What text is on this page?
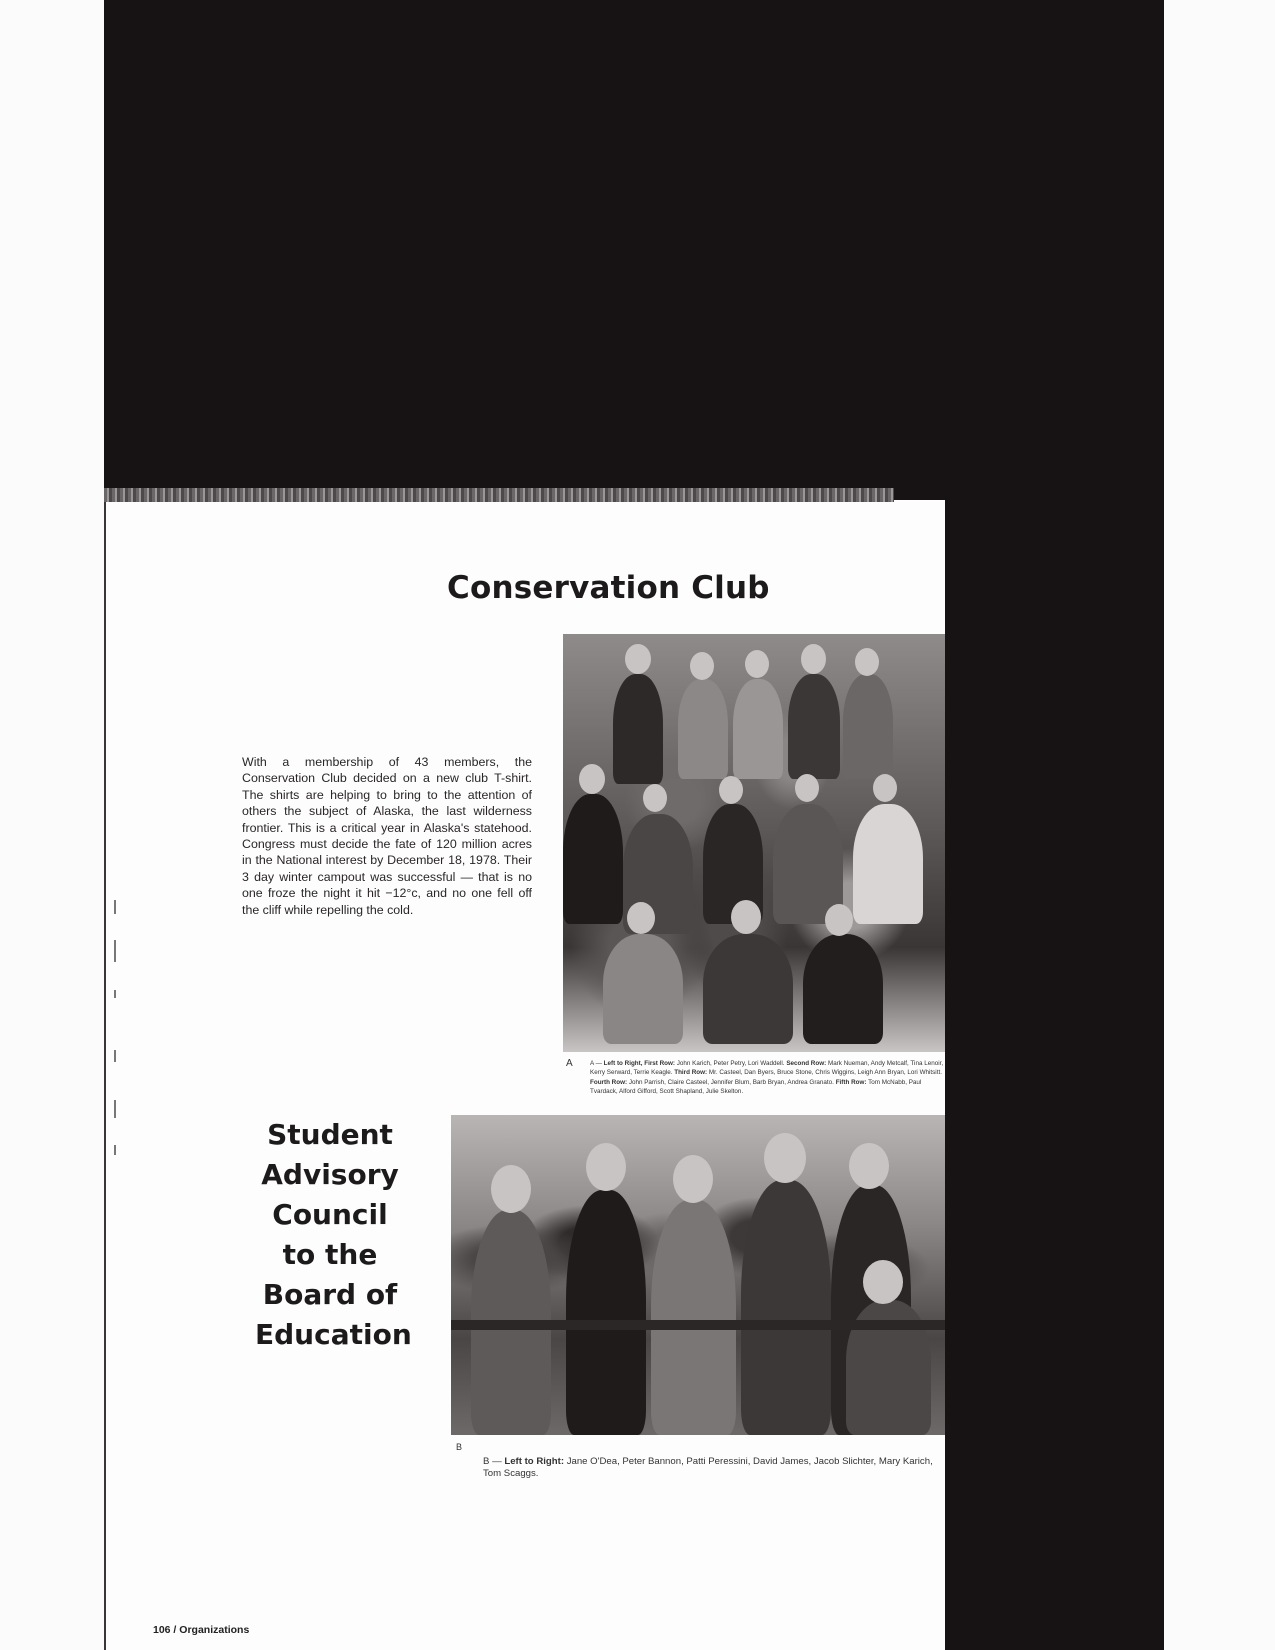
Conservation Club
With a membership of 43 members, the Conservation Club decided on a new club T-shirt. The shirts are helping to bring to the attention of others the subject of Alaska, the last wilderness frontier. This is a critical year in Alaska's statehood. Congress must decide the fate of 120 million acres in the National interest by December 18, 1978. Their 3 day winter campout was successful — that is no one froze the night it hit −12°c, and no one fell off the cliff while repelling the cold.
A	A — Left to Right, First Row: John Karich, Peter Petry, Lori Waddell. Second Row: Mark Nueman, Andy Metcalf, Tina Lenoir, Kerry Serward, Terrie Keagle. Third Row: Mr. Casteel, Dan Byers, Bruce Stone, Chris Wiggins, Leigh Ann Bryan, Lori Whitsitt. Fourth Row: John Parrish, Claire Casteel, Jennifer Blum, Barb Bryan, Andrea Granato. Fifth Row: Tom McNabb, Paul Tvardack, Alford Gifford, Scott Shapland, Julie Skelton.
Student
Advisory
Council
to the
Board of
Education
B
B — Left to Right: Jane O'Dea, Peter Bannon, Patti Peressini, David James, Jacob Slichter, Mary Karich, Tom Scaggs.
106 / Organizations
